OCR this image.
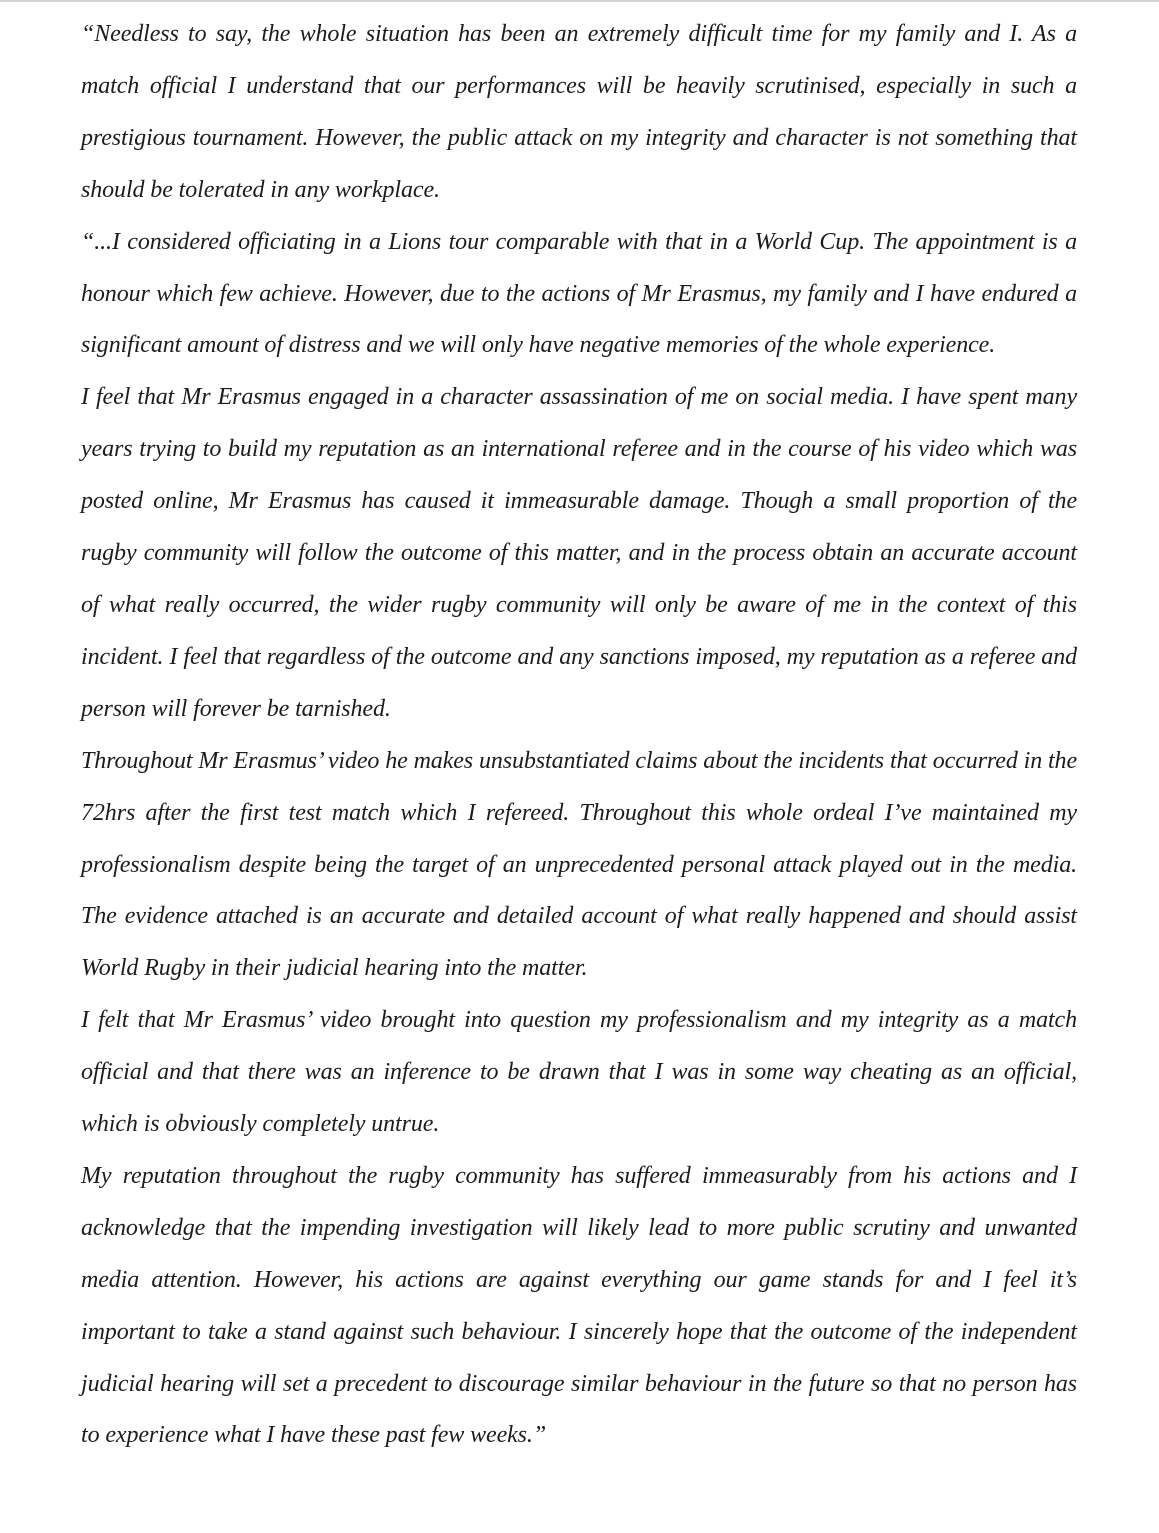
“Needless to say, the whole situation has been an extremely difficult time for my family and I. As a match official I understand that our performances will be heavily scrutinised, especially in such a prestigious tournament. However, the public attack on my integrity and character is not something that should be tolerated in any workplace.

“...I considered officiating in a Lions tour comparable with that in a World Cup. The appointment is a honour which few achieve. However, due to the actions of Mr Erasmus, my family and I have endured a significant amount of distress and we will only have negative memories of the whole experience.

I feel that Mr Erasmus engaged in a character assassination of me on social media. I have spent many years trying to build my reputation as an international referee and in the course of his video which was posted online, Mr Erasmus has caused it immeasurable damage. Though a small proportion of the rugby community will follow the outcome of this matter, and in the process obtain an accurate account of what really occurred, the wider rugby community will only be aware of me in the context of this incident. I feel that regardless of the outcome and any sanctions imposed, my reputation as a referee and person will forever be tarnished.

Throughout Mr Erasmus’ video he makes unsubstantiated claims about the incidents that occurred in the 72hrs after the first test match which I refereed. Throughout this whole ordeal I’ve maintained my professionalism despite being the target of an unprecedented personal attack played out in the media. The evidence attached is an accurate and detailed account of what really happened and should assist World Rugby in their judicial hearing into the matter.

I felt that Mr Erasmus’ video brought into question my professionalism and my integrity as a match official and that there was an inference to be drawn that I was in some way cheating as an official, which is obviously completely untrue.

My reputation throughout the rugby community has suffered immeasurably from his actions and I acknowledge that the impending investigation will likely lead to more public scrutiny and unwanted media attention. However, his actions are against everything our game stands for and I feel it’s important to take a stand against such behaviour. I sincerely hope that the outcome of the independent judicial hearing will set a precedent to discourage similar behaviour in the future so that no person has to experience what I have these past few weeks.”
